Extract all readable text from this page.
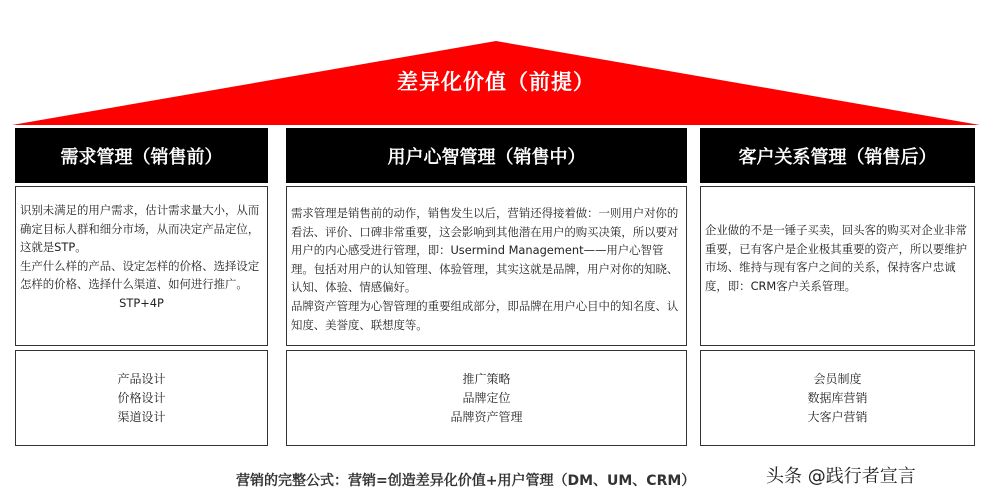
差异化价值（前提）
需求管理（销售前）

识别未满足的用户需求，估计需求量大小，从而确定目标人群和细分市场，从而决定产品定位，这就是STP。

生产什么样的产品、设定怎样的价格、选择设定怎样的价格、选择什么渠道、如何进行推广。

STP+4P

产品设计
价格设计
渠道设计
用户心智管理（销售中）

需求管理是销售前的动作，销售发生以后，营销还得接着做：一则用户对你的看法、评价、口碑非常重要，这会影响到其他潜在用户的购买决策，所以要对用户的内心感受进行管理，即：Usermind Management——用户心智管理。包括对用户的认知管理、体验管理，其实这就是品牌，用户对你的知晓、认知、体验、情感偏好。

品牌资产管理为心智管理的重要组成部分，即品牌在用户心目中的知名度、认知度、美誉度、联想度等。

推广策略
品牌定位
品牌资产管理
客户关系管理（销售后）

企业做的不是一锤子买卖，回头客的购买对企业非常重要，已有客户是企业极其重要的资产，所以要维护市场、维持与现有客户之间的关系，保持客户忠诚度，即：CRM客户关系管理。

会员制度
数据库营销
大客户营销
营销的完整公式：营销=创造差异化价值+用户管理（DM、UM、CRM）	头条 @践行者宣言
